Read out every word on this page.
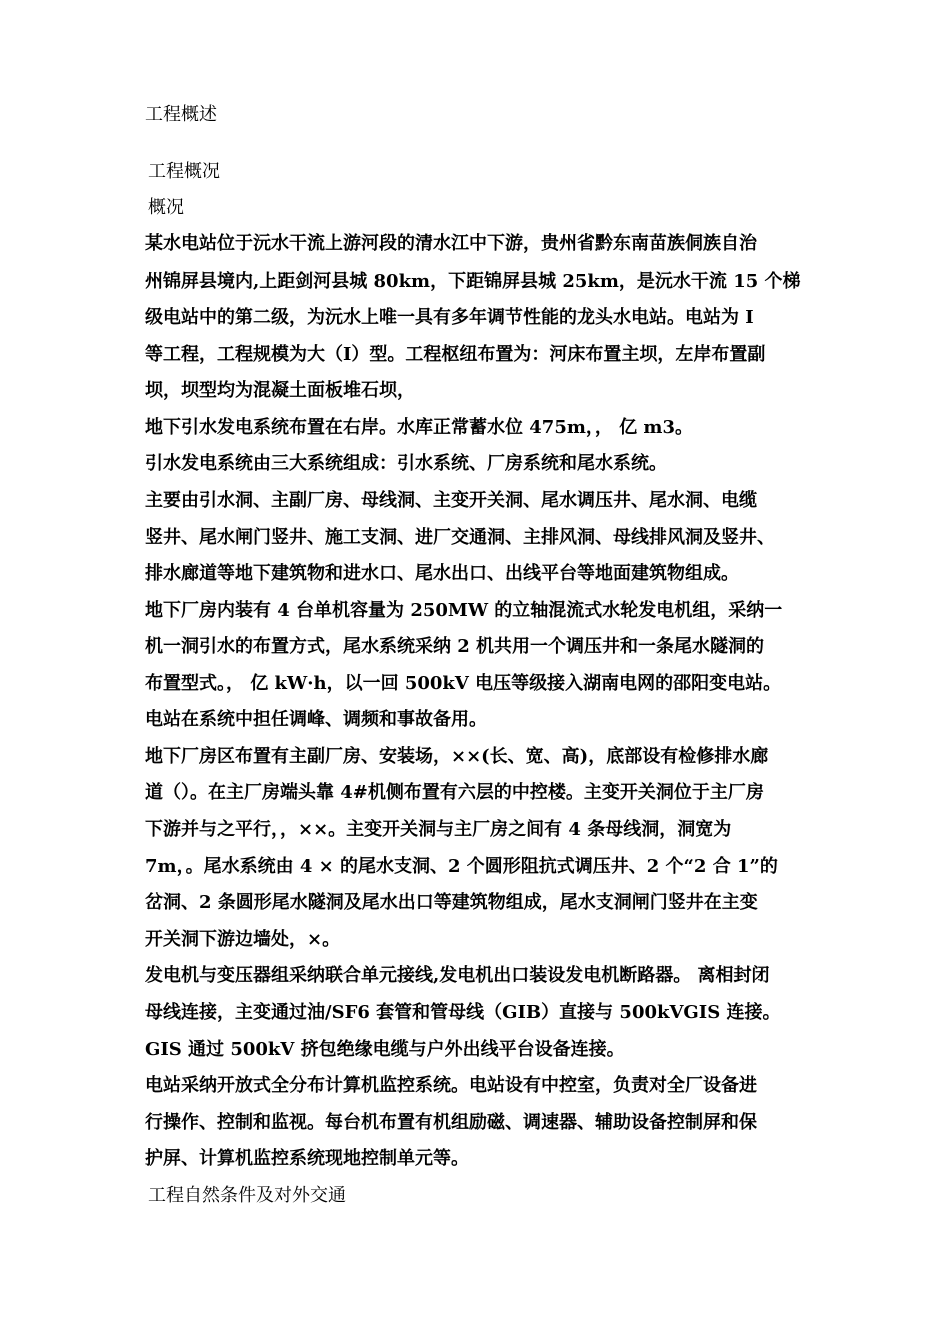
工程概述
工程概况
概况
某水电站位于沅水干流上游河段的清水江中下游，贵州省黔东南苗族侗族自治
州锦屏县境内,上距剑河县城 80km，下距锦屏县城 25km，是沅水干流 15 个梯
级电站中的第二级，为沅水上唯一具有多年调节性能的龙头水电站。电站为 I
等工程，工程规模为大（I）型。工程枢纽布置为：河床布置主坝，左岸布置副
坝，坝型均为混凝土面板堆石坝，
地下引水发电系统布置在右岸。水库正常蓄水位 475m，， 亿 m3。
引水发电系统由三大系统组成：引水系统、厂房系统和尾水系统。
主要由引水洞、主副厂房、母线洞、主变开关洞、尾水调压井、尾水洞、电缆
竖井、尾水闸门竖井、施工支洞、进厂交通洞、主排风洞、母线排风洞及竖井、
排水廊道等地下建筑物和进水口、尾水出口、出线平台等地面建筑物组成。
地下厂房内装有 4 台单机容量为 250MW 的立轴混流式水轮发电机组，采纳一
机一洞引水的布置方式，尾水系统采纳 2 机共用一个调压井和一条尾水隧洞的
布置型式。， 亿 kW·h，以一回 500kV 电压等级接入湖南电网的邵阳变电站。
电站在系统中担任调峰、调频和事故备用。
地下厂房区布置有主副厂房、安装场，××(长、宽、高)，底部设有检修排水廊
道（）。在主厂房端头靠 4#机侧布置有六层的中控楼。主变开关洞位于主厂房
下游并与之平行，，××。主变开关洞与主厂房之间有 4 条母线洞，洞宽为
7m，。尾水系统由 4 × 的尾水支洞、2 个圆形阻抗式调压井、2 个“2 合 1”的
岔洞、2 条圆形尾水隧洞及尾水出口等建筑物组成，尾水支洞闸门竖井在主变
开关洞下游边墙处，×。
发电机与变压器组采纳联合单元接线,发电机出口装设发电机断路器。 离相封闭
母线连接，主变通过油/SF6 套管和管母线（GIB）直接与 500kVGIS 连接。
GIS 通过 500kV 挤包绝缘电缆与户外出线平台设备连接。
电站采纳开放式全分布计算机监控系统。电站设有中控室，负责对全厂设备进
行操作、控制和监视。每台机布置有机组励磁、调速器、辅助设备控制屏和保
护屏、计算机监控系统现地控制单元等。
工程自然条件及对外交通
